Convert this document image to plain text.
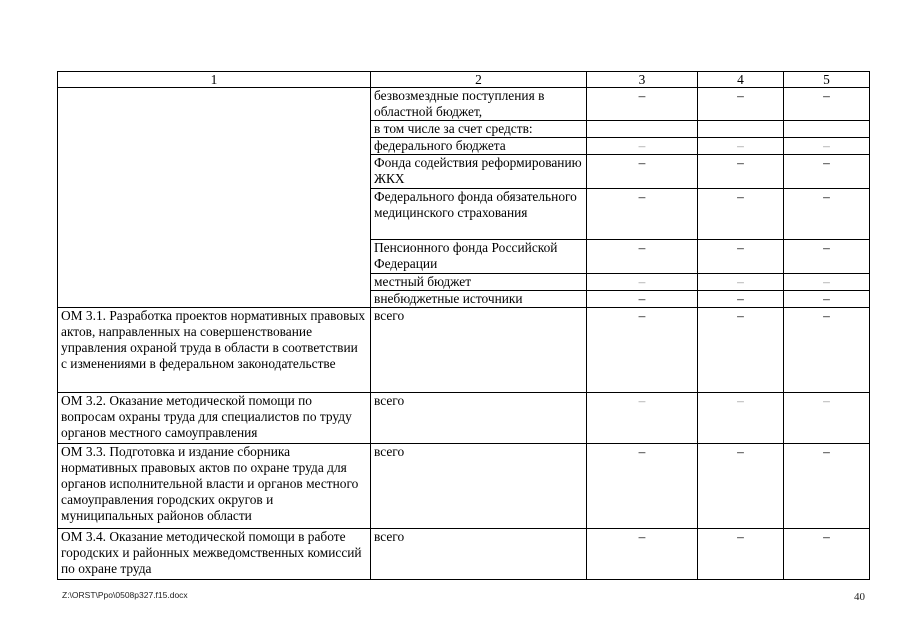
1	2	3	4	5
	безвозмездные поступления в областной бюджет,	–	–	–
	в том числе за счет средств:			
	федерального бюджета	–	–	–
	Фонда содействия реформированию ЖКХ	–	–	–
	Федерального фонда обязательного медицинского страхования	–	–	–
	Пенсионного фонда Российской Федерации	–	–	–
	местный бюджет	–	–	–
	внебюджетные источники	–	–	–
ОМ 3.1. Разработка проектов нормативных правовых актов, направленных на совершенствование управления охраной труда в области в соответствии с изменениями в федеральном законодательстве	всего	–	–	–
ОМ 3.2. Оказание методической помощи по вопросам охраны труда для специалистов по труду органов местного самоуправления	всего	–	–	–
ОМ 3.3. Подготовка и издание сборника нормативных правовых актов по охране труда для органов исполнительной власти и органов местного самоуправления городских округов и муниципальных районов области	всего	–	–	–
ОМ 3.4. Оказание методической помощи в работе городских и районных межведомственных комиссий по охране труда	всего	–	–	–
Z:\ORST\Ppo\0508p327.f15.docx	40
